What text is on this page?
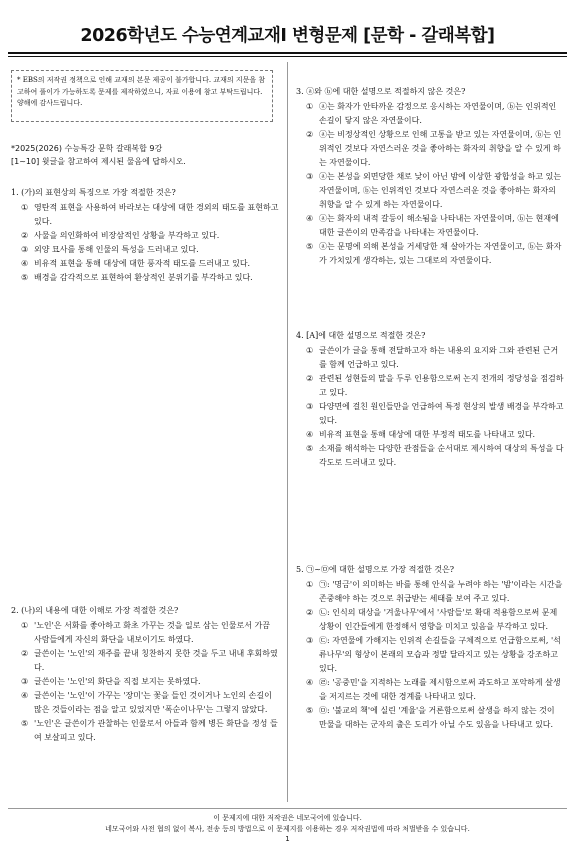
2026학년도 수능연계교재Ⅰ 변형문제 [문학 - 갈래복합]
* EBS의 저작권 정책으로 인해 교재의 본문 제공이 불가합니다. 교재의 지문을 참고하여 풀이가 가능하도록 문제를 제작하였으니, 자료 이용에 참고 부탁드립니다. 양해에 감사드립니다.
*2025(2026) 수능특강 문학 갈래복합 9강
[1~10] 윗글을 참고하여 제시된 물음에 답하시오.
1. (가)의 표현상의 특징으로 가장 적절한 것은?
① 영탄적 표현을 사용하여 바라보는 대상에 대한 경외의 태도를 표현하고 있다.
② 사물을 의인화하여 비장삼적인 상황을 부각하고 있다.
③ 외양 묘사를 통해 인물의 특성을 드러내고 있다.
④ 비유적 표현을 통해 대상에 대한 풍자적 태도를 드러내고 있다.
⑤ 배경을 감각적으로 표현하여 환상적인 분위기를 부각하고 있다.
2. (나)의 내용에 대한 이해로 가장 적절한 것은?
① '노인'은 서화를 좋아하고 화초 가꾸는 것을 일로 삼는 인물로서 가끔 사람들에게 자신의 화단을 내보이기도 하였다.
② 글쓴이는 '노인'의 재주를 끝내 칭찬하지 못한 것을 두고 내내 후회하였다.
③ 글쓴이는 '노인'의 화단을 직접 보지는 못하였다.
④ 글쓴이는 '노인'이 가꾸는 '장미'는 꽃을 들인 것이거나 노인의 손길이 많은 것들이라는 점을 알고 있었지만 '폭순이나무'는 그렇지 않았다.
⑤ '노인'은 글쓴이가 관찰하는 인물로서 아들과 함께 병든 화단을 정성 들여 보살피고 있다.
3. ⓐ와 ⓑ에 대한 설명으로 적절하지 않은 것은?
① ⓐ는 화자가 안타까운 감정으로 응시하는 자연물이며, ⓑ는 인위적인 손길이 닿지 않은 자연물이다.
② ⓐ는 비정상적인 상황으로 인해 고통을 받고 있는 자연물이며, ⓑ는 인위적인 것보다 자연스러운 것을 좋아하는 화자의 취향을 알 수 있게 하는 자연물이다.
③ ⓐ는 본성을 외면당한 채로 낮이 아닌 밤에 이상한 광합성을 하고 있는 자연물이며, ⓑ는 인위적인 것보다 자연스러운 것을 좋아하는 화자의 취향을 알 수 있게 하는 자연물이다.
④ ⓐ는 화자의 내적 갈등이 해소됨을 나타내는 자연물이며, ⓑ는 현재에 대한 글쓴이의 만족감을 나타내는 자연물이다.
⑤ ⓐ는 문명에 의해 본성을 거세당한 채 살아가는 자연물이고, ⓑ는 화자가 가치있게 생각하는, 있는 그대로의 자연물이다.
4. [A]에 대한 설명으로 적절한 것은?
① 글쓴이가 글을 통해 전달하고자 하는 내용의 요지와 그와 관련된 근거를 함께 언급하고 있다.
② 관련된 성현들의 말을 두루 인용함으로써 논지 전개의 정당성을 점검하고 있다.
③ 다양면에 걸친 원인들만을 언급하여 특정 현상의 발생 배경을 부각하고 있다.
④ 비유적 표현을 통해 대상에 대한 부정적 태도를 나타내고 있다.
⑤ 소재를 해석하는 다양한 관점들을 순서대로 제시하여 대상의 특성을 다각도로 드러내고 있다.
5. ㉠~㉤에 대한 설명으로 가장 적절한 것은?
① ㉠: '명금'이 의미하는 바를 통해 안식을 누려야 하는 '밤'이라는 시간을 존중해야 하는 것으로 취급받는 세태를 보여 주고 있다.
② ㉡: 인식의 대상을 '겨울나무'에서 '사람들'로 확대 적용함으로써 문제 상황이 인간들에게 한정해서 영향을 미치고 있음을 부각하고 있다.
③ ㉢: 자연물에 가해지는 인위적 손길들을 구체적으로 언급함으로써, '석류나무'의 형상이 본래의 모습과 정말 달라지고 있는 상황을 강조하고 있다.
④ ㉣: '공중민'을 지적하는 노래를 제시함으로써 과도하고 포악하게 살생을 저지르는 것에 대한 경계를 나타내고 있다.
⑤ ㉤: '불교의 책'에 실린 '계율'을 거론함으로써 살생을 하지 않는 것이 만물을 대하는 군자의 출은 도리가 아닐 수도 있음을 나타내고 있다.
이 문제지에 대한 저작권은 네모국어에 있습니다.
네모국어와 사전 협의 없이 복사, 전송 등의 방법으로 이 문제지를 이용하는 경우 저작권법에 따라 처벌받을 수 있습니다.
1
